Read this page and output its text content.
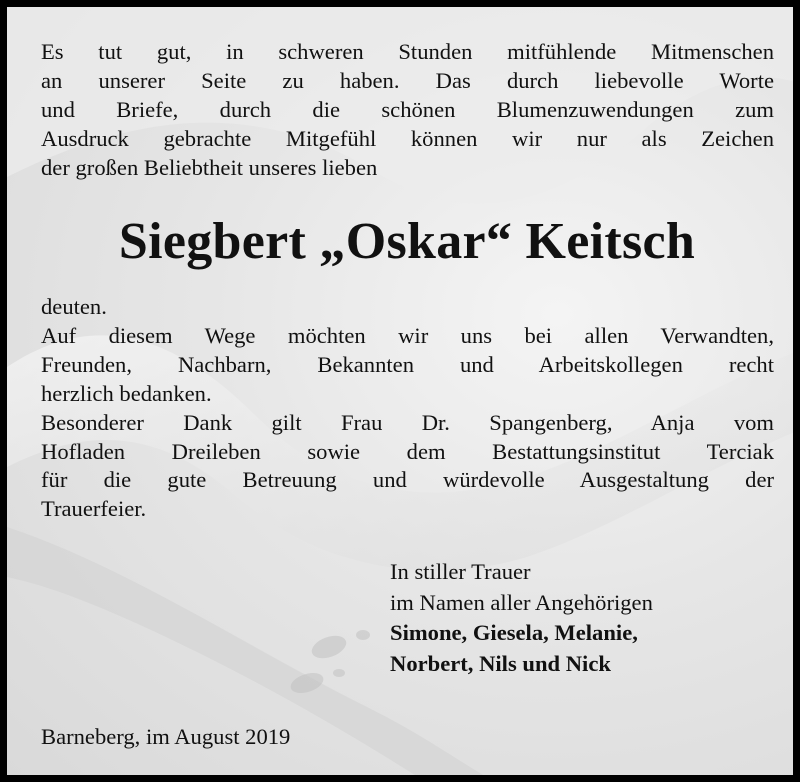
Es tut gut, in schweren Stunden mitfühlende Mitmenschen
an unserer Seite zu haben. Das durch liebevolle Worte
und Briefe, durch die schönen Blumenzuwendungen zum
Ausdruck gebrachte Mitgefühl können wir nur als Zeichen
der großen Beliebtheit unseres lieben
Siegbert „Oskar“ Keitsch
deuten.
Auf diesem Wege möchten wir uns bei allen Verwandten,
Freunden, Nachbarn, Bekannten und Arbeitskollegen recht
herzlich bedanken.
Besonderer Dank gilt Frau Dr. Spangenberg, Anja vom
Hofladen Dreileben sowie dem Bestattungsinstitut Terciak
für die gute Betreuung und würdevolle Ausgestaltung der
Trauerfeier.
In stiller Trauer
im Namen aller Angehörigen
Simone, Giesela, Melanie,
Norbert, Nils und Nick
Barneberg, im August 2019
